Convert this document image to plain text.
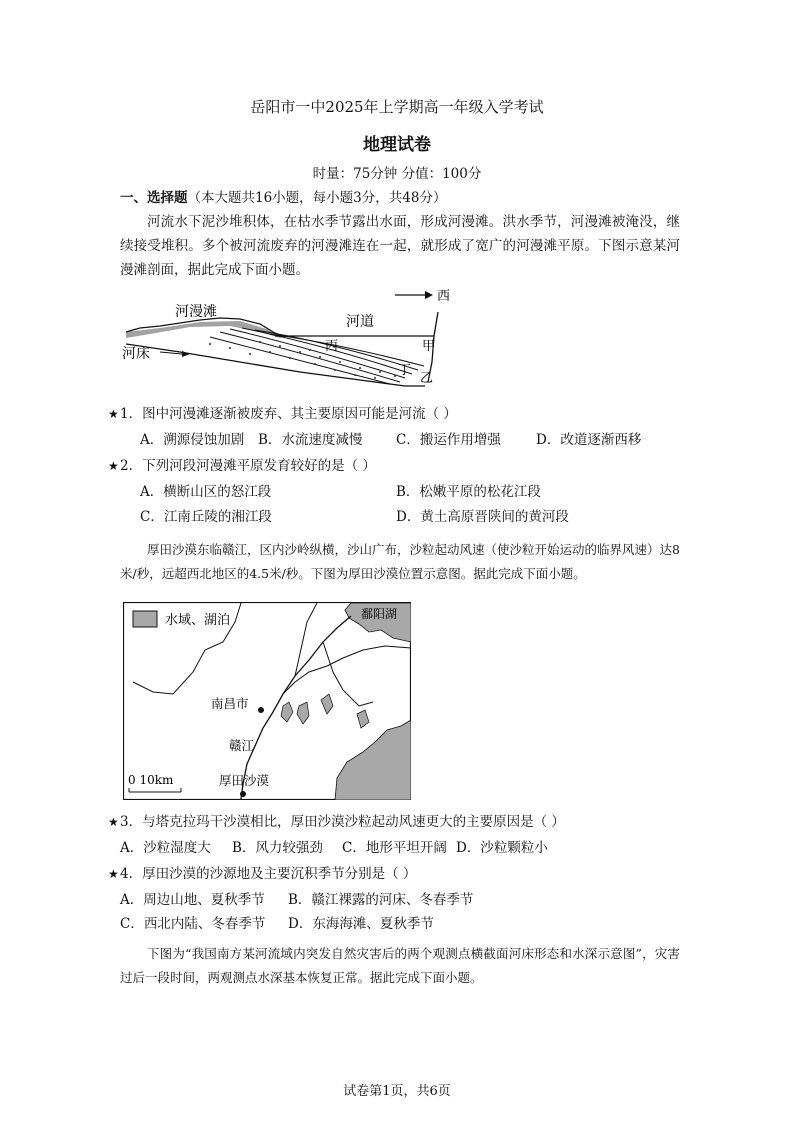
岳阳市一中2025年上学期高一年级入学考试
地理试卷
时量：75分钟 分值：100分
一、选择题（本大题共16小题，每小题3分，共48分）

河流水下泥沙堆积体，在枯水季节露出水面，形成河漫滩。洪水季节，河漫滩被淹没，继续接受堆积。多个被河流废弃的河漫滩连在一起，就形成了宽广的河漫滩平原。下图示意某河漫滩剖面，据此完成下面小题。

西
河漫滩
河道
河床	丙	甲
丁
乙
★1．图中河漫滩逐渐被废弃、其主要原因可能是河流（ ）
A．溯源侵蚀加剧 B．水流速度减慢 C．搬运作用增强	D．改道逐渐西移
★2．下列河段河漫滩平原发育较好的是（ ）
A．横断山区的怒江段	B．松嫩平原的松花江段
C．江南丘陵的湘江段	D．黄土高原晋陕间的黄河段

厚田沙漠东临赣江，区内沙岭纵横，沙山广布，沙粒起动风速（使沙粒开始运动的临界风速）达8米/秒，远超西北地区的4.5米/秒。下图为厚田沙漠位置示意图。据此完成下面小题。

水域、湖泊	鄱阳湖
南昌市
赣江
厚田沙漠
0 10km
★3．与塔克拉玛干沙漠相比，厚田沙漠沙粒起动风速更大的主要原因是（ ）
A．沙粒湿度大 B．风力较强劲 C．地形平坦开阔 D．沙粒颗粒小
★4．厚田沙漠的沙源地及主要沉积季节分别是（ ）
A．周边山地、夏秋季节 B．赣江裸露的河床、冬春季节
C．西北内陆、冬春季节 D．东海海滩、夏秋季节

下图为“我国南方某河流域内突发自然灾害后的两个观测点横截面河床形态和水深示意图”，灾害过后一段时间，两观测点水深基本恢复正常。据此完成下面小题。

试卷第1页，共6页
